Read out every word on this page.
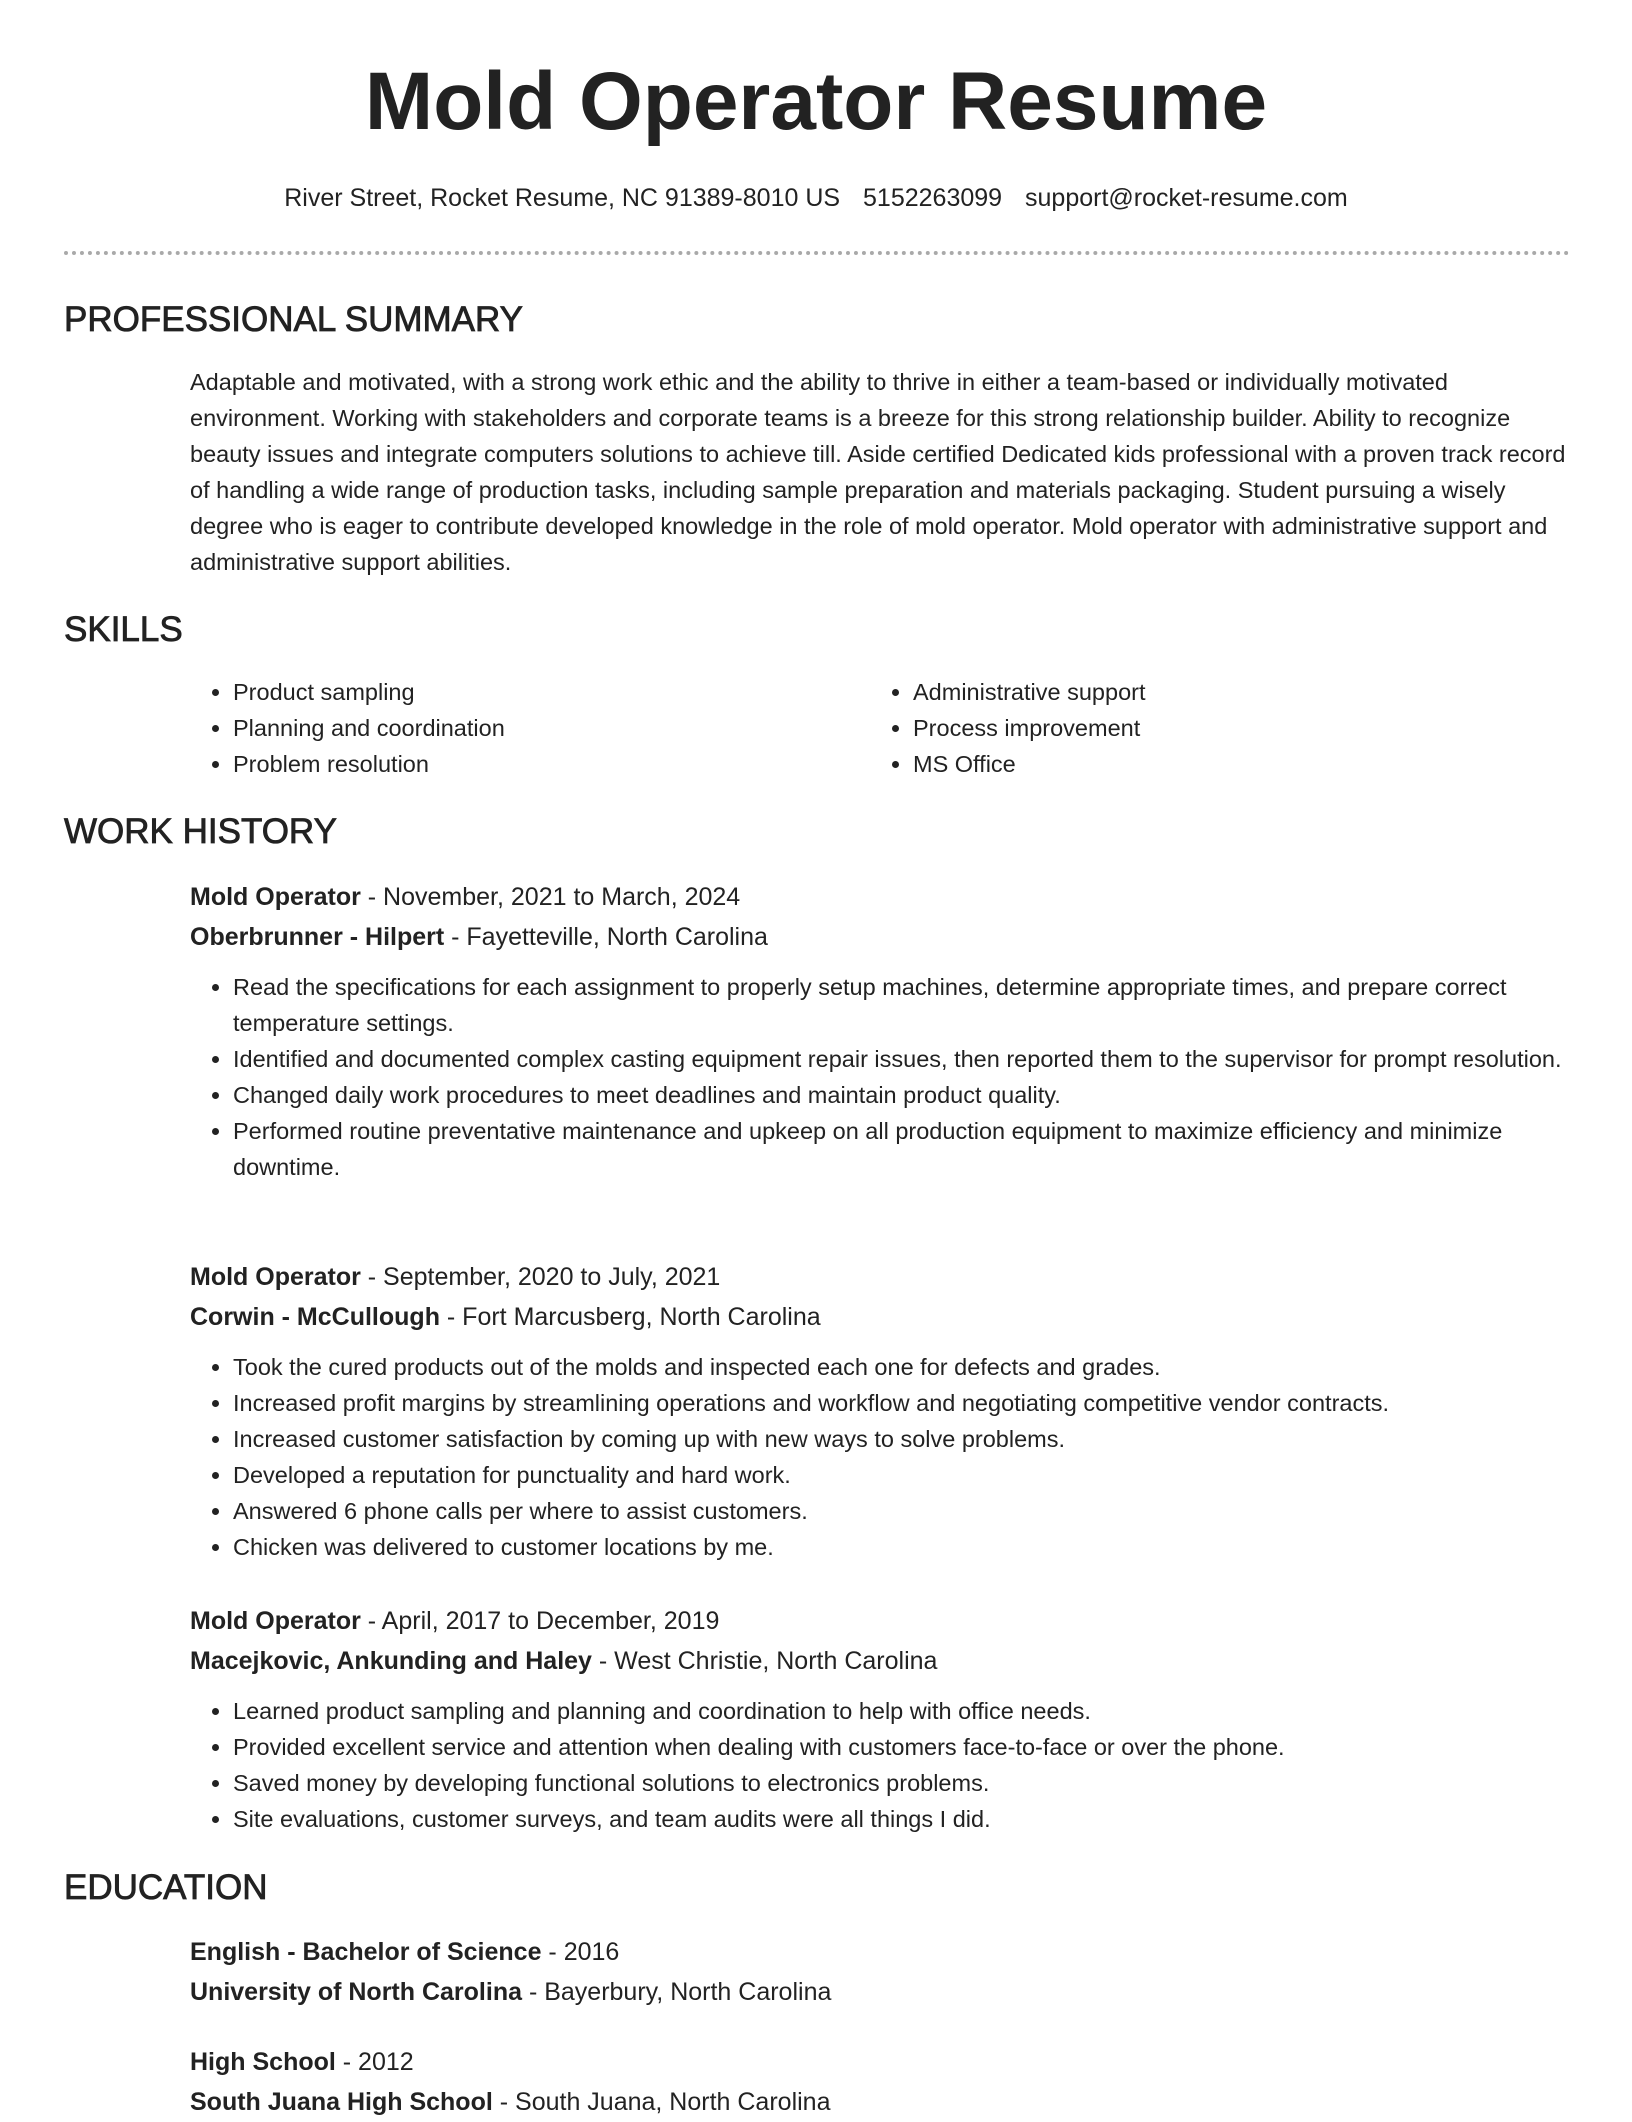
Mold Operator Resume
River Street, Rocket Resume, NC 91389-8010 US 5152263099 support@rocket-resume.com
PROFESSIONAL SUMMARY
Adaptable and motivated, with a strong work ethic and the ability to thrive in either a team-based or individually motivated environment. Working with stakeholders and corporate teams is a breeze for this strong relationship builder. Ability to recognize beauty issues and integrate computers solutions to achieve till. Aside certified Dedicated kids professional with a proven track record of handling a wide range of production tasks, including sample preparation and materials packaging. Student pursuing a wisely degree who is eager to contribute developed knowledge in the role of mold operator. Mold operator with administrative support and administrative support abilities.
SKILLS
• Product sampling
• Planning and coordination
• Problem resolution
• Administrative support
• Process improvement
• MS Office
WORK HISTORY
Mold Operator - November, 2021 to March, 2024
Oberbrunner - Hilpert - Fayetteville, North Carolina
• Read the specifications for each assignment to properly setup machines, determine appropriate times, and prepare correct temperature settings.
• Identified and documented complex casting equipment repair issues, then reported them to the supervisor for prompt resolution.
• Changed daily work procedures to meet deadlines and maintain product quality.
• Performed routine preventative maintenance and upkeep on all production equipment to maximize efficiency and minimize downtime.
Mold Operator - September, 2020 to July, 2021
Corwin - McCullough - Fort Marcusberg, North Carolina
• Took the cured products out of the molds and inspected each one for defects and grades.
• Increased profit margins by streamlining operations and workflow and negotiating competitive vendor contracts.
• Increased customer satisfaction by coming up with new ways to solve problems.
• Developed a reputation for punctuality and hard work.
• Answered 6 phone calls per where to assist customers.
• Chicken was delivered to customer locations by me.
Mold Operator - April, 2017 to December, 2019
Macejkovic, Ankunding and Haley - West Christie, North Carolina
• Learned product sampling and planning and coordination to help with office needs.
• Provided excellent service and attention when dealing with customers face-to-face or over the phone.
• Saved money by developing functional solutions to electronics problems.
• Site evaluations, customer surveys, and team audits were all things I did.
EDUCATION
English - Bachelor of Science - 2016
University of North Carolina - Bayerbury, North Carolina
High School - 2012
South Juana High School - South Juana, North Carolina
